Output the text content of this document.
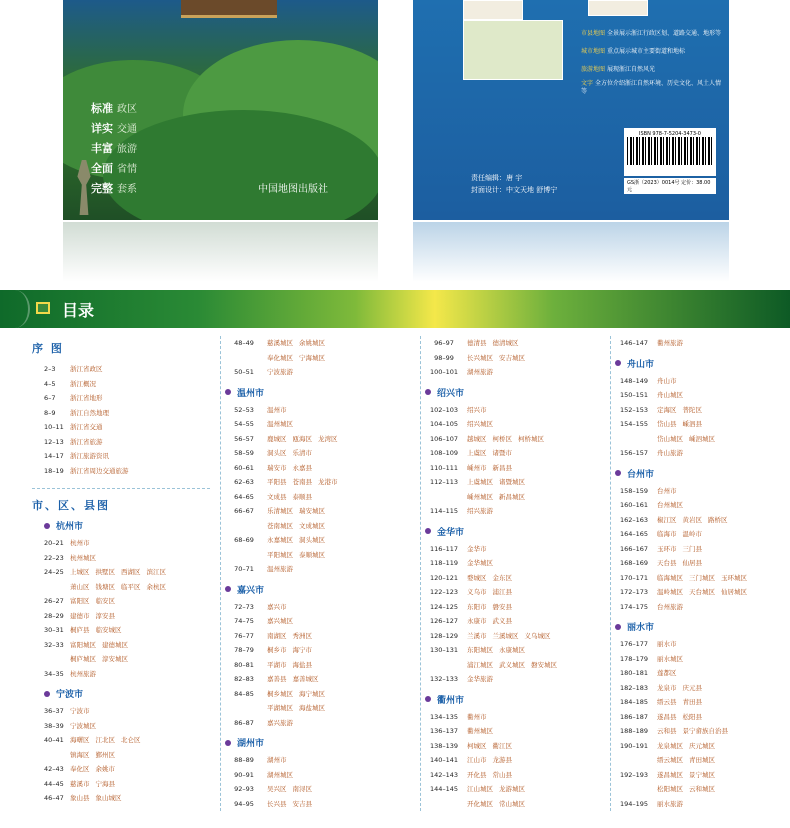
标准 政区
详实 交通
丰富 旅游
全面 省情
完整 套系	中国地图出版社
市县地图 全景展示浙江行政区划、道路交通、地形等
城市地图 重点展示城市主要街道和地标
旅游地图 展现浙江自然风光
文字 全方位介绍浙江自然环境、历史文化、风土人情等
ISBN 978-7-5204-3473-0
GS浙（2023）0014号 定价：38.00元
责任编辑：唐 宇
封面设计：中文天地 舒博宁
目录
序 图
2–3	浙江省政区
4–5	浙江概况
6–7	浙江省地形
8–9	浙江自然地理
10–11 浙江省交通
12–13 浙江省旅游
14–17 浙江旅游资讯
18–19 浙江省周边交通旅游
市、区、县图
杭州市
20–21 杭州市
22–23 杭州城区
24–25 上城区 拱墅区 西湖区 滨江区
萧山区 钱塘区 临平区 余杭区
26–27 富阳区 临安区
28–29 建德市 淳安县
30–31 桐庐县 临安城区
32–33 富阳城区 建德城区
桐庐城区 淳安城区
34–35 杭州旅游
宁波市
36–37 宁波市
38–39 宁波城区
40–41 海曙区 江北区 北仑区
镇海区 鄞州区
42–43 奉化区 余姚市
44–45 慈溪市 宁海县
46–47 象山县 象山城区
48–49	慈溪城区 余姚城区
奉化城区 宁海城区
50–51	宁波旅游
温州市
52–53	温州市
54–55	温州城区
56–57	鹿城区 瓯海区 龙湾区
58–59	洞头区 乐清市
60–61	瑞安市 永嘉县
62–63	平阳县 苍南县 龙港市
64–65	文成县 泰顺县
66–67	乐清城区 瑞安城区
苍南城区 文成城区
68–69	永嘉城区 洞头城区
平阳城区 泰顺城区
70–71	温州旅游
嘉兴市
72–73	嘉兴市
74–75	嘉兴城区
76–77	南湖区 秀洲区
78–79	桐乡市 海宁市
80–81	平湖市 海盐县
82–83	嘉善县 嘉善城区
84–85	桐乡城区 海宁城区
平湖城区 海盐城区
86–87	嘉兴旅游
湖州市
88–89	湖州市
90–91	湖州城区
92–93	吴兴区 南浔区
94–95	长兴县 安吉县
96–97	德清县 德清城区
98–99	长兴城区 安吉城区
100–101	湖州旅游
绍兴市
102–103	绍兴市
104–105	绍兴城区
106–107	越城区 柯桥区 柯桥城区
108–109	上虞区 诸暨市
110–111	嵊州市 新昌县
112–113	上虞城区 诸暨城区
嵊州城区 新昌城区
114–115	绍兴旅游
金华市
116–117	金华市
118–119	金华城区
120–121	婺城区 金东区
122–123	义乌市 浦江县
124–125	东阳市 磐安县
126–127	永康市 武义县
128–129	兰溪市 兰溪城区 义乌城区
130–131	东阳城区 永康城区
浦江城区 武义城区 磐安城区
132–133	金华旅游
衢州市
134–135	衢州市
136–137	衢州城区
138–139	柯城区 衢江区
140–141	江山市 龙游县
142–143	开化县 常山县
144–145	江山城区 龙游城区
开化城区 常山城区
146–147	衢州旅游
舟山市
148–149	舟山市
150–151	舟山城区
152–153	定海区 普陀区
154–155	岱山县 嵊泗县
岱山城区 嵊泗城区
156–157	舟山旅游
台州市
158–159	台州市
160–161	台州城区
162–163	椒江区 黄岩区 路桥区
164–165	临海市 温岭市
166–167	玉环市 三门县
168–169	天台县 仙居县
170–171	临海城区 三门城区 玉环城区
172–173	温岭城区 天台城区 仙居城区
174–175	台州旅游
丽水市
176–177	丽水市
178–179	丽水城区
180–181	莲都区
182–183	龙泉市 庆元县
184–185	缙云县 青田县
186–187	遂昌县 松阳县
188–189	云和县 景宁畲族自治县
190–191	龙泉城区 庆元城区
缙云城区 青田城区
192–193	遂昌城区 景宁城区
松阳城区 云和城区
194–195	丽水旅游
